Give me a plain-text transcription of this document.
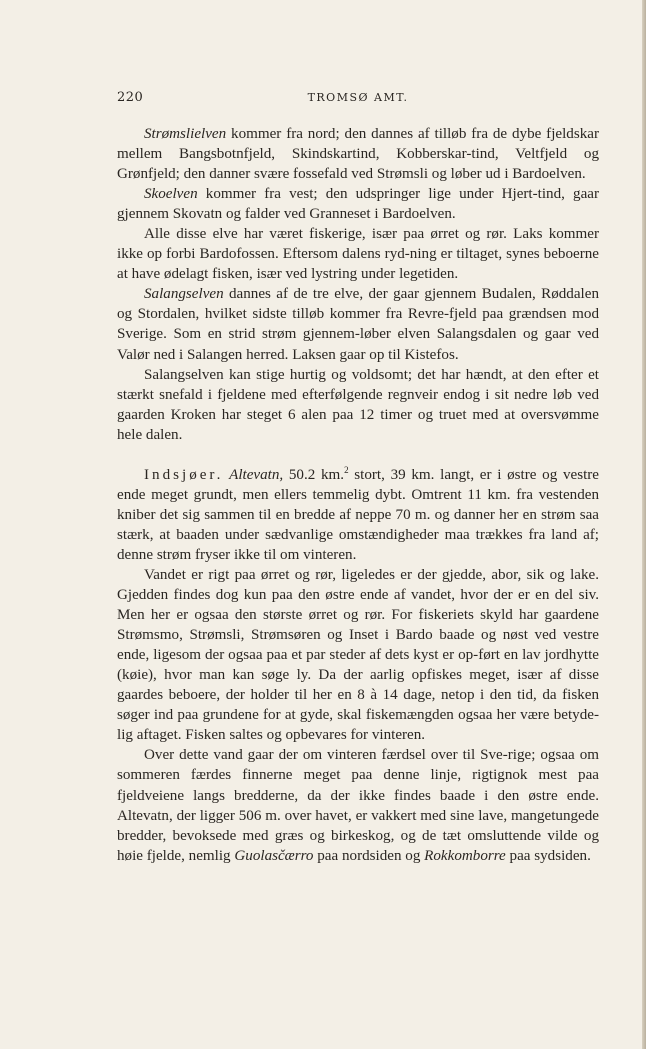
220	TROMSØ AMT.

Strømslielven kommer fra nord; den dannes af tilløb fra de dybe fjeldskar mellem Bangsbotnfjeld, Skindskartind, Kobberskar-tind, Veltfjeld og Grønfjeld; den danner svære fossefald ved Strømsli og løber ud i Bardoelven.

Skoelven kommer fra vest; den udspringer lige under Hjert-tind, gaar gjennem Skovatn og falder ved Granneset i Bardoelven.

Alle disse elve har været fiskerige, især paa ørret og rør. Laks kommer ikke op forbi Bardofossen. Eftersom dalens ryd-ning er tiltaget, synes beboerne at have ødelagt fisken, især ved lystring under legetiden.

Salangselven dannes af de tre elve, der gaar gjennem Budalen, Røddalen og Stordalen, hvilket sidste tilløb kommer fra Revre-fjeld paa grændsen mod Sverige. Som en strid strøm gjennem-løber elven Salangsdalen og gaar ved Valør ned i Salangen herred. Laksen gaar op til Kistefos.

Salangselven kan stige hurtig og voldsomt; det har hændt, at den efter et stærkt snefald i fjeldene med efterfølgende regnveir endog i sit nedre løb ved gaarden Kroken har steget 6 alen paa 12 timer og truet med at oversvømme hele dalen.

Indsjøer. Altevatn, 50.2 km.$^2$ stort, 39 km. langt, er i østre og vestre ende meget grundt, men ellers temmelig dybt. Omtrent 11 km. fra vestenden kniber det sig sammen til en bredde af neppe 70 m. og danner her en strøm saa stærk, at baaden under sædvanlige omstændigheder maa trækkes fra land af; denne strøm fryser ikke til om vinteren.

Vandet er rigt paa ørret og rør, ligeledes er der gjedde, abor, sik og lake. Gjedden findes dog kun paa den østre ende af vandet, hvor der er en del siv. Men her er ogsaa den største ørret og rør. For fiskeriets skyld har gaardene Strømsmo, Strømsli, Strømsøren og Inset i Bardo baade og nøst ved vestre ende, ligesom der ogsaa paa et par steder af dets kyst er op-ført en lav jordhytte (køie), hvor man kan søge ly. Da der aarlig opfiskes meget, især af disse gaardes beboere, der holder til her en 8 à 14 dage, netop i den tid, da fisken søger ind paa grundene for at gyde, skal fiskemængden ogsaa her være betyde-lig aftaget. Fisken saltes og opbevares for vinteren.

Over dette vand gaar der om vinteren færdsel over til Sve-rige; ogsaa om sommeren færdes finnerne meget paa denne linje, rigtignok mest paa fjeldveiene langs bredderne, da der ikke findes baade i den østre ende. Altevatn, der ligger 506 m. over havet, er vakkert med sine lave, mangetungede bredder, bevoksede med græs og birkeskog, og de tæt omsluttende vilde og høie fjelde, nemlig Guolasčærro paa nordsiden og Rokkomborre paa sydsiden.
